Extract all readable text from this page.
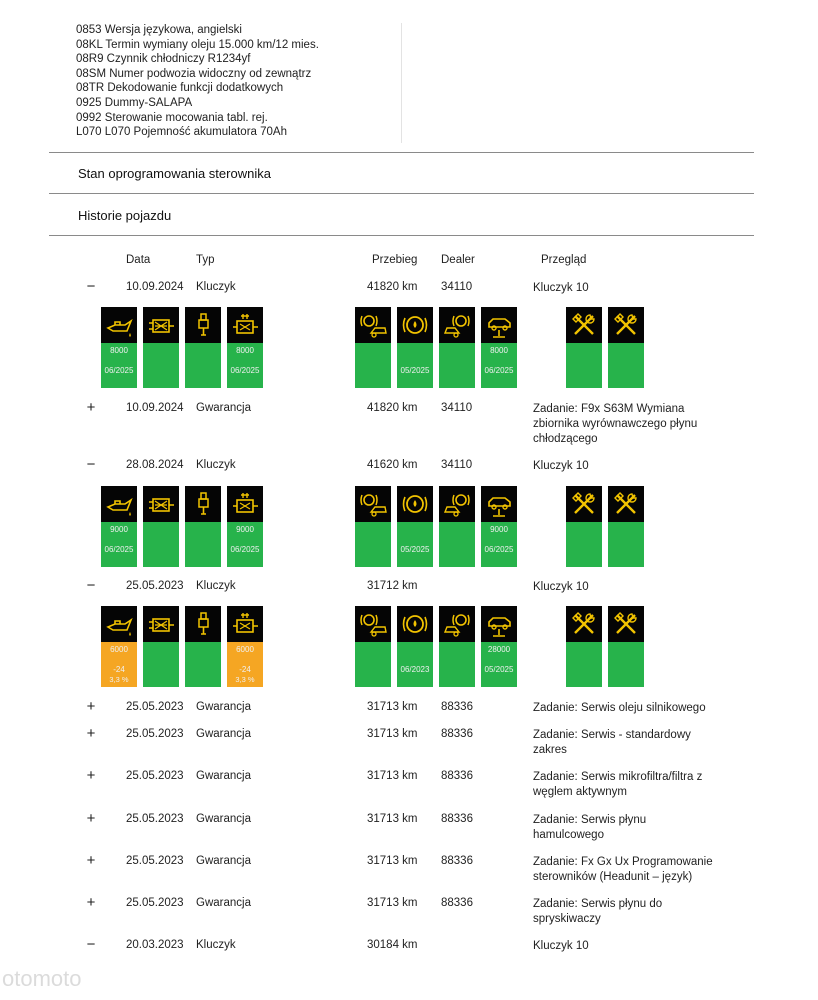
0853 Wersja językowa, angielski
08KL Termin wymiany oleju 15.000 km/12 mies.
08R9 Czynnik chłodniczy R1234yf
08SM Numer podwozia widoczny od zewnątrz
08TR Dekodowanie funkcji dodatkowych
0925 Dummy-SALAPA
0992 Sterowanie mocowania tabl. rej.
L070 L070 Pojemność akumulatora 70Ah
Stan oprogramowania sterownika
Historie pojazdu
Data	Typ	Przebieg Dealer	Przegląd
−	10.09.2024 Kluczyk	41820 km 34110	Kluczyk 10
+	10.09.2024 Gwarancja	41820 km 34110	Zadanie: F9x S63M Wymiana zbiornika wyrównawczego płynu chłodzącego
−	28.08.2024 Kluczyk	41620 km 34110	Kluczyk 10
−	25.05.2023 Kluczyk	31712 km	Kluczyk 10
+	25.05.2023 Gwarancja	31713 km 88336	Zadanie: Serwis oleju silnikowego
+	25.05.2023 Gwarancja	31713 km 88336	Zadanie: Serwis - standardowy zakres
+	25.05.2023 Gwarancja	31713 km 88336	Zadanie: Serwis mikrofiltra/filtra z węglem aktywnym
+	25.05.2023 Gwarancja	31713 km 88336	Zadanie: Serwis płynu hamulcowego
+	25.05.2023 Gwarancja	31713 km 88336	Zadanie: Fx Gx Ux Programowanie sterowników (Headunit – język)
+	25.05.2023 Gwarancja	31713 km 88336	Zadanie: Serwis płynu do spryskiwaczy
−	20.03.2023 Kluczyk	30184 km	Kluczyk 10
8000
06/2025
8000
06/2025	05/2025
8000
06/2025
9000
06/2025
9000
06/2025	05/2025
9000
06/2025
6000
-24
3,3 %
6000
-24
3,3 %
06/2023
28000
05/2025
otomoto
